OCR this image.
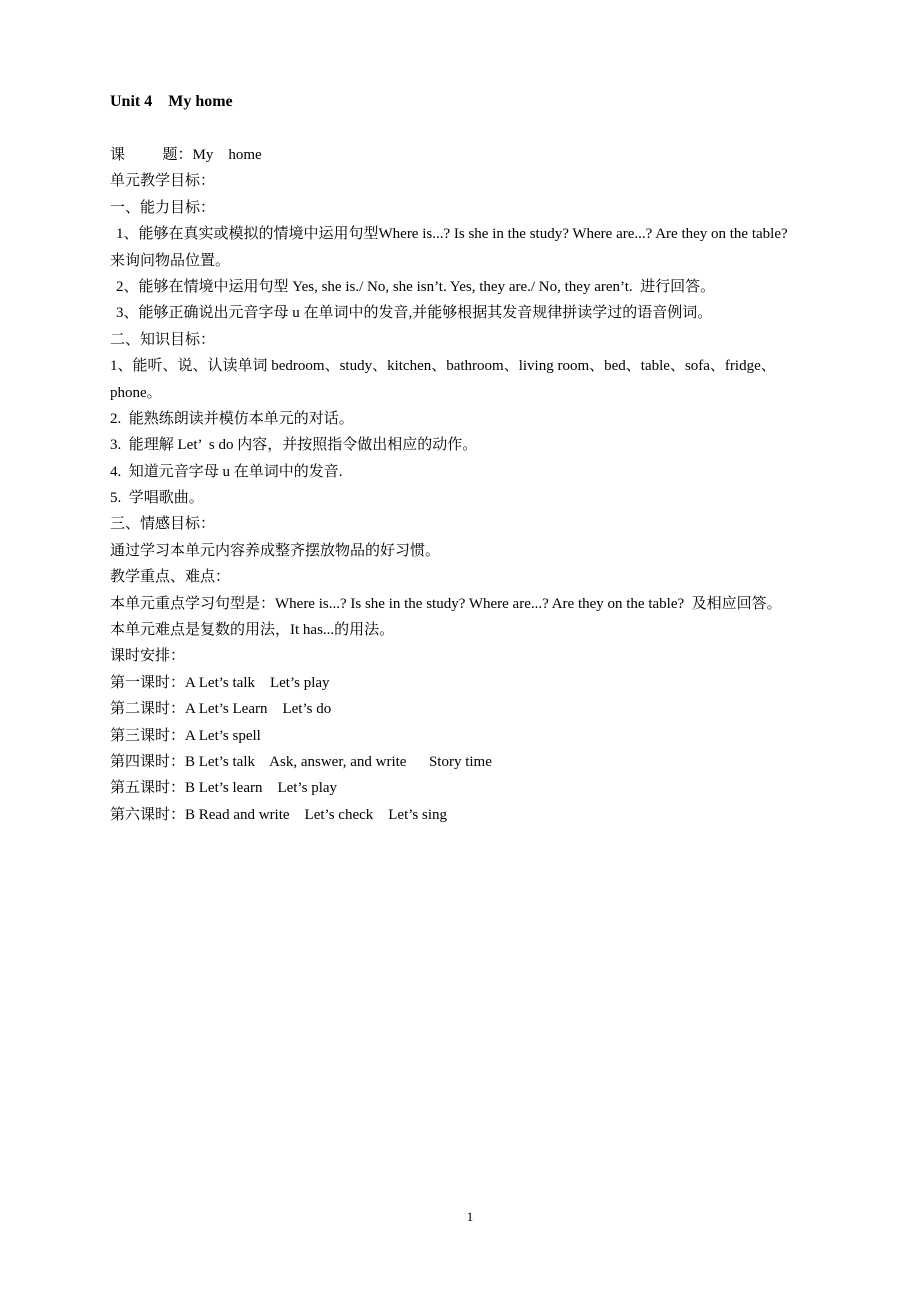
Unit 4    My home
课          题：My    home
单元教学目标：
一、能力目标：
1、能够在真实或模拟的情境中运用句型Where is...? Is she in the study? Where are...? Are they on the table?
来询问物品位置。
2、能够在情境中运用句型 Yes, she is./ No, she isn’t. Yes, they are./ No, they aren’t.  进行回答。
3、能够正确说出元音字母 u 在单词中的发音,并能够根据其发音规律拼读学过的语音例词。
二、知识目标：
1、能听、说、认读单词 bedroom、study、kitchen、bathroom、living room、bed、table、sofa、fridge、
phone。
2.  能熟练朗读并模仿本单元的对话。
3.  能理解 Let’  s do 内容，并按照指令做出相应的动作。
4.  知道元音字母 u 在单词中的发音.
5.  学唱歌曲。
三、情感目标：
通过学习本单元内容养成整齐摆放物品的好习惯。
教学重点、难点：
本单元重点学习句型是：Where is...? Is she in the study? Where are...? Are they on the table?  及相应回答。
本单元难点是复数的用法，It has...的用法。
课时安排：
第一课时：A Let’s talk    Let’s play
第二课时：A Let’s Learn    Let’s do
第三课时：A Let’s spell
第四课时：B Let’s talk    Ask, answer, and write      Story time
第五课时：B Let’s learn    Let’s play
第六课时：B Read and write    Let’s check    Let’s sing
1
